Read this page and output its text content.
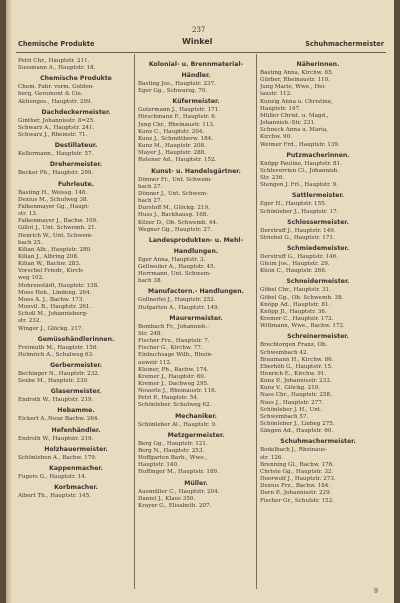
237
Chemische Produkte	Winkel	Schuhmachermeister
Petri Chr., Hauptstr. 211.
Sussmann A., Hauptstr. 18.
Chemische Produkte
Chem. Fabr. vorm. Golden-
berg, Geromont & Cie.
Aktienges., Hauptstr. 299.
Dachdeckermeister.
Ginther, Johannisstr. 8=25.
Schwarz A., Hauptstr. 241.
Schwarz J., Rheinstr. 71.
Destillateur.
Kellermann., Hauptstr. 57.
Drehermeister.
Becker Ph., Hauptstr. 299.
Fuhrleute.
Basting H., Weissg. 148.
Dexius M., Schulweg 38.
Falkenmayer Gg., Haupt-
str. 13.
Falkenmayer J., Bachw. 109.
Gillot J., Unt. Schwemb. 21.
Henrich W., Unt. Schwem-
bach 25.
Kilian Alb., Hauptstr. 280.
Kilian J., Albring 208.
Kilian W., Bachw. 283.
Vorschel Friedr., Kirch-
weg 102.
Mohrenstädt, Hauptstr. 138.
Moos Heh., Lindeng. 264.
Moos A. J., Bachw. 173.
Mouvil. B., Hauptstr. 261.
Scholl M., Johannisberg-
str. 232.
Winger J., Glöckg. 217.
Gemüsehändlerinnen.
Freimuth M., Hauptstr. 158.
Helmrich A., Schulweg 63.
Gerbermeister.
Bechinger N., Hauptstr. 232.
Sexbe M., Hauptstr. 230.
Glasermeister.
Endrsth W., Hauptstr. 219.
Hebamme.
Eickert A.,Neue Bachw. 264.
Hefenhändler.
Endrsth W., Hauptstr. 219.
Holzhauermeister.
Schönleben A., Bachw. 179.
Kappenmacher.
Fugers G., Hauptstr. 14.
Korbmacher.
Albert Th., Hauptstr. 145.
Kolonial- u. Brennmaterial-
Händler.
Basting Jos., Hauptstr. 237.
Eger Gg., Schwarzg. 70.
Küfermeister.
Gutermann J., Hauptstr. 171.
Hirschmann F., Hauptstr. 6.
Jung Chr., Rheinaustr. 113.
Kunz C., Hauptstr. 204.
Kunz J., Schmittberw. 184.
Kunz M., Hauptstr. 208.
Mayer J., Hauptstr. 288.
Rotener Ad., Hauptstr. 152.
Kunst- u. Handelsgärtner.
Dönner Fr., Unt. Schwem-
bach 27.
Dönner J., Unt. Schwem-
bach 27.
Durstoff M., Glöckg. 219.
Huss J., Backhausg. 168.
Kilzer D., Ob. Schwemb. 44.
Wegner Gg., Hauptstr. 27.
Landesprodukten- u. Mehl-
Handlungen.
Eger Anna, Hauptstr. 3.
Gellweiler A., Hauptstr. 45.
Herrmann, Unt. Schwem-
bach 38.
Manufactorn.- Handlungen.
Gollnerlei J., Hauptstr. 252.
Hufgarten A., Hauptstr. 149.
Maurermeister.
Bombach Fr., Johannisb.-
Str. 248.
Fischer Frz., Hauptstr. 7.
Fischer G., Kirchw. 77.
Einbuchsage Wilh., Rhein-
auweir 112.
Kleiner, Ph., Bachw. 174.
Kremer J., Hauptstr. 60.
Kremer J., Dachweg 295.
Nouerle J., Rheinaustr. 116.
Petri P., Hauptstr. 54.
Schönleber, Schulweg 62.
Mechaniker.
Schönleber Al., Hauptstr. 9.
Metzgermeister.
Berg Gg., Hauptstr. 121.
Berg N., Hauptstr. 253.
Hoffgarten Barb., Wwe.,
Hauptstr. 140.
Hoffinger M., Hauptstr. 189.
Müller.
Auemüller C., Hauptstr. 204.
Daniel J., Klaus 350.
Krayer G., Elisabeth. 207.
Näherinnen.
Basting Anna, Kirchw. 85.
Gürber, Rheinaustr. 110.
Jung Marie, Wwe., Hei-
laustr. 112.
Kunzig Anna u. Christine,
Hauptstr. 147.
Müller Christ. u. Magd.,
Johannisb.-Str. 231.
Schneck Anna u. Maria,
Kirchw. 90.
Weimer Frd., Hauptstr. 139.
Putzmacherinnen.
Knöpp Pauline, Hauptstr. 81.
Schleverrien Cl., Johannisb.
Str. 236.
Stengen J. Frl., Hauptstr. 9.
Sattlermeister.
Eger H., Hauptstr. 155.
Schönleber J., Hauptstr. 17.
Schlossermeister.
Derstruff J., Hauptstr. 149.
Striebel G., Hauptstr. 171.
Schmiedemeister.
Derstruff G., Hauptstr. 146.
Gleim Jos., Hauptstr. 29.
Klein C., Hauptstr. 266.
Schneidermeister.
Göbel Chr., Hauptstr. 31.
Göbel Gg., Ob. Schwemb. 38.
Knöpp Ad., Hauptstr. 81.
Knöpp Jl., Hauptstr. 36.
Kremer C., Hauptstr. 172.
Wittmann, Wwe., Bachw. 172.
Schreinermeister.
Brechtorgen Franz, Ob.
Schwembach 42.
Braumann H., Kirchw. 86.
Eberhöh G., Hauptstr. 15.
Henrich E., Kirchw. 91.
Kunz P., Johannisstr. 233.
Kunz V., Glöckg. 219.
Nass Chr., Hauptstr. 258.
Nass J., Hauptstr. 277.
Schönleber J. H., Unt.
Schwembach 57.
Schönleber J., Liebeg 275.
Sängen Ad., Hauptstr. 60.
Schuhmachermeister.
Bodelbach J., Rheinaus-
str. 126.
Brenning Gl., Bachw. 176.
Christe Gg., Hauptstr. 32.
Doorwolf J., Hauptstr. 273.
Dexius Frz., Bachw. 184.
Dern P., Johannisstr. 229.
Fischer Gr., Schulstr. 152.
9
